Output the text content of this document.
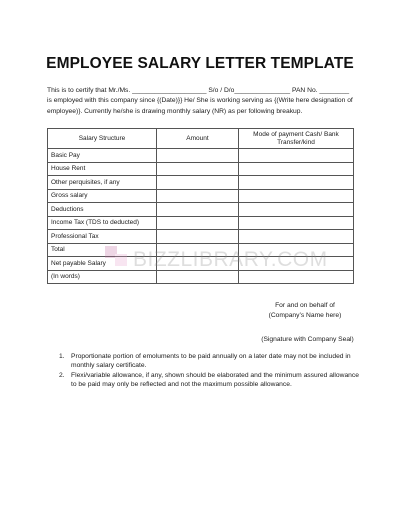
EMPLOYEE SALARY LETTER TEMPLATE

This is to certify that Mr./Ms. ____________________ S/o / D/o_______________ PAN No. ________

is employed with this company since {(Date)}} He/ She is working serving as {(Write here designation of

employee)}. Currently he/she is drawing monthly salary (NR) as per following breakup.

Salary Structure	Amount	Mode of payment Cash/ Bank Transfer/kind
Basic Pay		
House Rent		
Other perquisites, if any		
Gross salary		
Deductions		
Income Tax (TDS to deducted)		
Professional Tax		
Total		
Net payable Salary		
(In words)		
BIZZLIBRARY.COM
For and on behalf of
(Company’s Name here)
(Signature with Company Seal)
1. Proportionate portion of emoluments to be paid annually on a later date may not be included in monthly salary certificate.
2. Flexi/variable allowance, if any, shown should be elaborated and the minimum assured allowance to be paid may only be reflected and not the maximum possible allowance.
